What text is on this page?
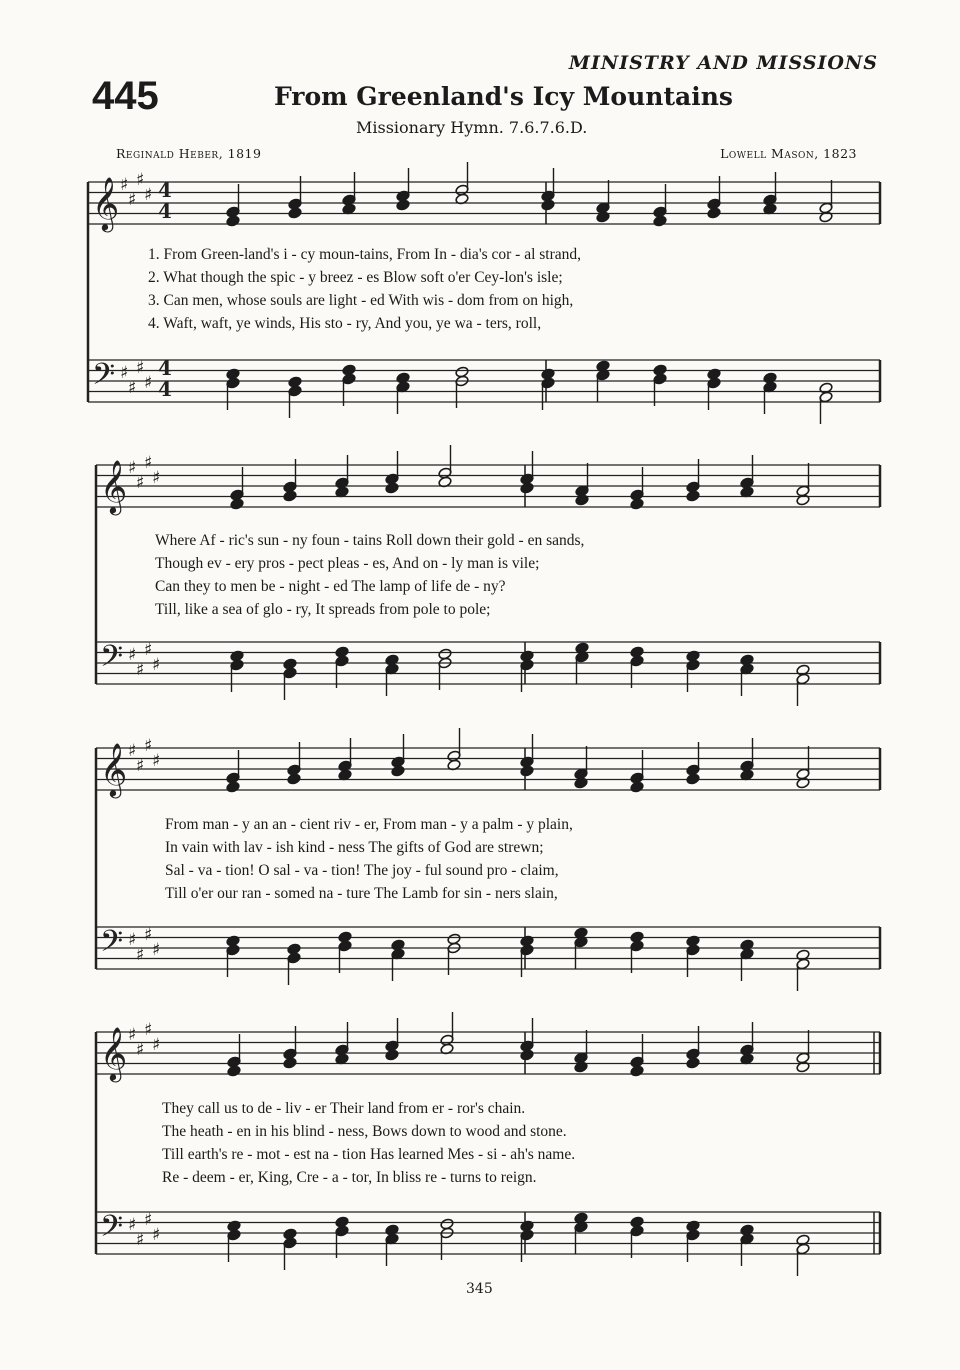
MINISTRY AND MISSIONS
445	From Greenland's Icy Mountains
Missionary Hymn. 7.6.7.6.D.
Reginald Heber, 1819	Lowell Mason, 1823
𝄞
𝄢
♯
♯
♯
♯
♯
♯
♯
♯
4
4
4
4
𝄞
𝄢
♯
♯
♯
♯
♯
♯
♯
♯
𝄞
𝄢
♯
♯
♯
♯
♯
♯
♯
♯
𝄞
𝄢
♯
♯
♯
♯
♯
♯
♯
♯
1. From Green-land's i - cy moun-tains, From In - dia's cor - al strand,
2. What though the spic - y breez - es Blow soft o'er Cey-lon's isle;
3. Can men, whose souls are light - ed With wis - dom from on high,
4. Waft, waft, ye winds, His sto - ry, And you, ye wa - ters, roll,
Where Af - ric's sun - ny foun - tains Roll down their gold - en sands,
Though ev - ery pros - pect pleas - es, And on - ly man is vile;
Can they to men be - night - ed The lamp of life de - ny?
Till, like a sea of glo - ry, It spreads from pole to pole;
From man - y an an - cient riv - er, From man - y a palm - y plain,
In vain with lav - ish kind - ness The gifts of God are strewn;
Sal - va - tion! O sal - va - tion! The joy - ful sound pro - claim,
Till o'er our ran - somed na - ture The Lamb for sin - ners slain,
They call us to de - liv - er Their land from er - ror's chain.
The heath - en in his blind - ness, Bows down to wood and stone.
Till earth's re - mot - est na - tion Has learned Mes - si - ah's name.
Re - deem - er, King, Cre - a - tor, In bliss re - turns to reign.
345
